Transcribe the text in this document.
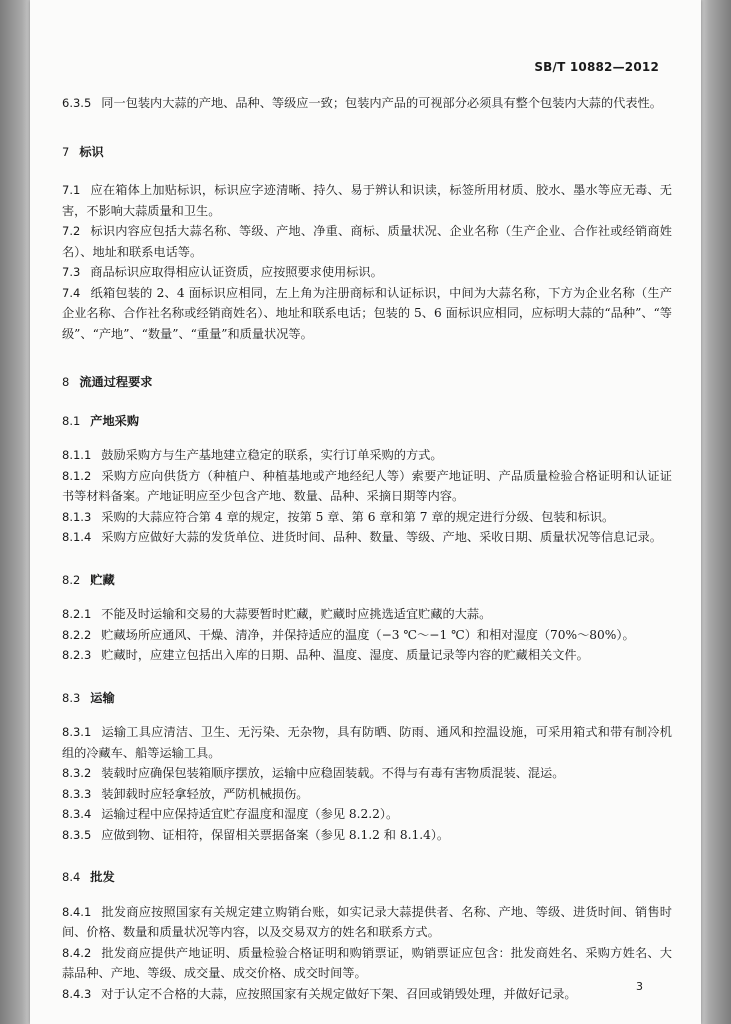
SB/T 10882—2012
6.3.5 同一包装内大蒜的产地、品种、等级应一致；包装内产品的可视部分必须具有整个包装内大蒜的代表性。
7 标识
7.1 应在箱体上加贴标识，标识应字迹清晰、持久、易于辨认和识读，标签所用材质、胶水、墨水等应无毒、无害，不影响大蒜质量和卫生。
7.2 标识内容应包括大蒜名称、等级、产地、净重、商标、质量状况、企业名称（生产企业、合作社或经销商姓名）、地址和联系电话等。
7.3 商品标识应取得相应认证资质，应按照要求使用标识。
7.4 纸箱包装的 2、4 面标识应相同，左上角为注册商标和认证标识，中间为大蒜名称，下方为企业名称（生产企业名称、合作社名称或经销商姓名）、地址和联系电话；包装的 5、6 面标识应相同，应标明大蒜的“品种”、“等级”、“产地”、“数量”、“重量”和质量状况等。
8 流通过程要求
8.1 产地采购
8.1.1 鼓励采购方与生产基地建立稳定的联系，实行订单采购的方式。
8.1.2 采购方应向供货方（种植户、种植基地或产地经纪人等）索要产地证明、产品质量检验合格证明和认证证书等材料备案。产地证明应至少包含产地、数量、品种、采摘日期等内容。
8.1.3 采购的大蒜应符合第 4 章的规定，按第 5 章、第 6 章和第 7 章的规定进行分级、包装和标识。
8.1.4 采购方应做好大蒜的发货单位、进货时间、品种、数量、等级、产地、采收日期、质量状况等信息记录。
8.2 贮藏
8.2.1 不能及时运输和交易的大蒜要暂时贮藏，贮藏时应挑选适宜贮藏的大蒜。
8.2.2 贮藏场所应通风、干燥、清净，并保持适应的温度（−3 ℃～−1 ℃）和相对湿度（70%～80%）。
8.2.3 贮藏时，应建立包括出入库的日期、品种、温度、湿度、质量记录等内容的贮藏相关文件。
8.3 运输
8.3.1 运输工具应清洁、卫生、无污染、无杂物，具有防晒、防雨、通风和控温设施，可采用箱式和带有制冷机组的冷藏车、船等运输工具。
8.3.2 装载时应确保包装箱顺序摆放，运输中应稳固装载。不得与有毒有害物质混装、混运。
8.3.3 装卸载时应轻拿轻放，严防机械损伤。
8.3.4 运输过程中应保持适宜贮存温度和湿度（参见 8.2.2）。
8.3.5 应做到物、证相符，保留相关票据备案（参见 8.1.2 和 8.1.4）。
8.4 批发
8.4.1 批发商应按照国家有关规定建立购销台账，如实记录大蒜提供者、名称、产地、等级、进货时间、销售时间、价格、数量和质量状况等内容，以及交易双方的姓名和联系方式。
8.4.2 批发商应提供产地证明、质量检验合格证明和购销票证，购销票证应包含：批发商姓名、采购方姓名、大蒜品种、产地、等级、成交量、成交价格、成交时间等。
8.4.3 对于认定不合格的大蒜，应按照国家有关规定做好下架、召回或销毁处理，并做好记录。	3
